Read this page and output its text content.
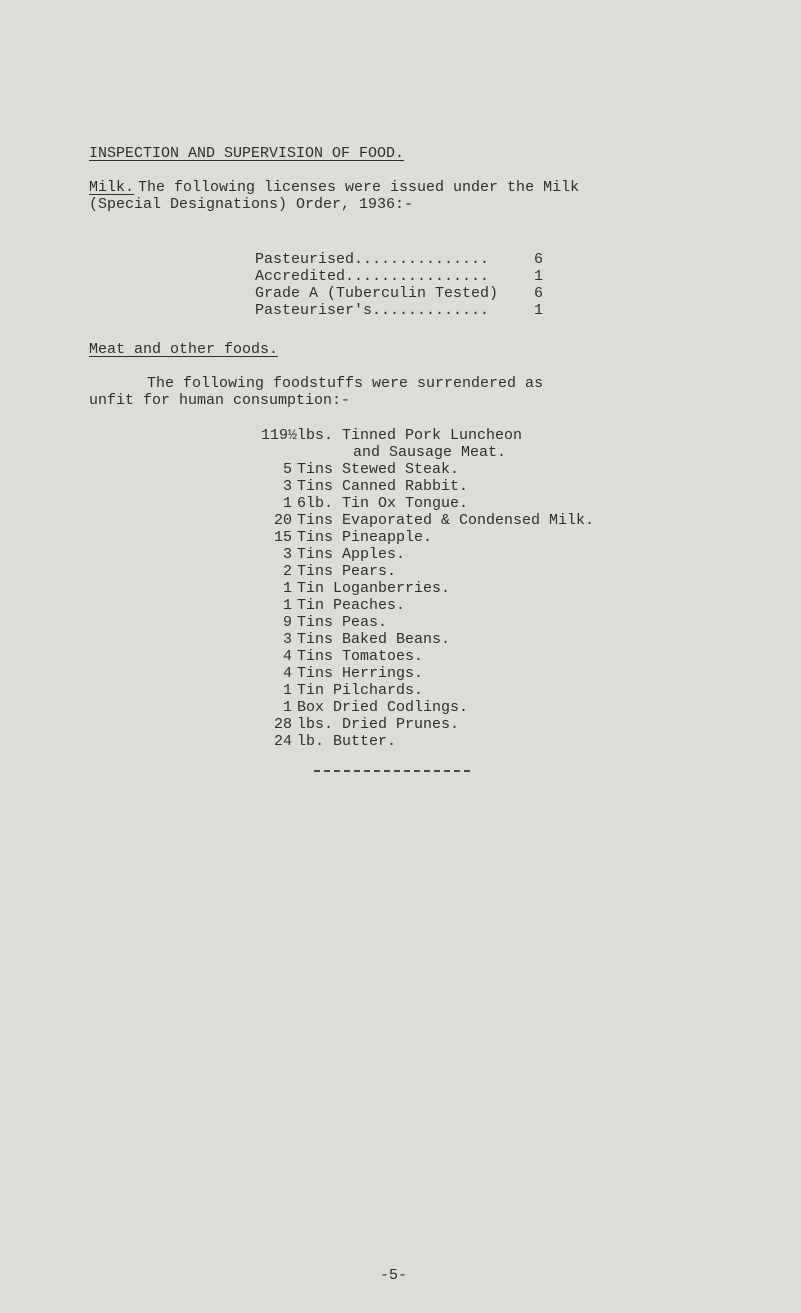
INSPECTION AND SUPERVISION OF FOOD.
Milk. The following licenses were issued under the Milk
(Special Designations) Order, 1936:-
Pasteurised...............	6
Accredited................	1
Grade A (Tuberculin Tested) 6
Pasteuriser's.............	1
Meat and other foods.
The following foodstuffs were surrendered as
unfit for human consumption:-
119½ lbs. Tinned Pork Luncheon
and Sausage Meat.
5 Tins Stewed Steak.
3 Tins Canned Rabbit.
1 6lb. Tin Ox Tongue.
20 Tins Evaporated & Condensed Milk.
15 Tins Pineapple.
3 Tins Apples.
2 Tins Pears.
1 Tin Loganberries.
1 Tin Peaches.
9 Tins Peas.
3 Tins Baked Beans.
4 Tins Tomatoes.
4 Tins Herrings.
1 Tin Pilchards.
1 Box Dried Codlings.
28 lbs. Dried Prunes.
24 lb. Butter.
-5-
